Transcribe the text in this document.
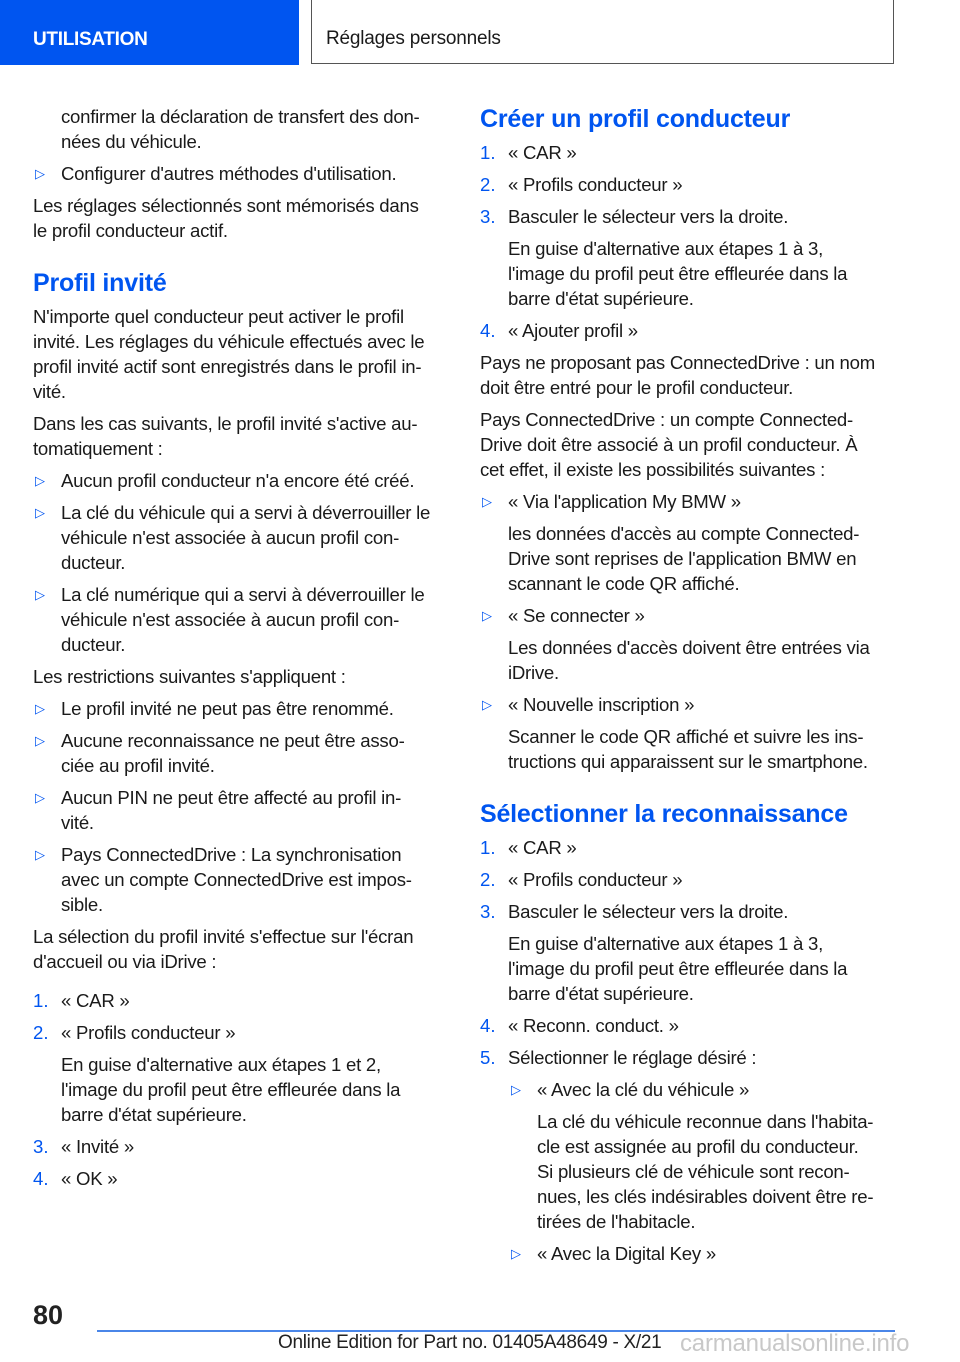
UTILISATION	Réglages personnels
confirmer la déclaration de transfert des don-
nées du véhicule.
▷ Configurer d'autres méthodes d'utilisation.
Les réglages sélectionnés sont mémorisés dans
le profil conducteur actif.
Profil invité
N'importe quel conducteur peut activer le profil
invité. Les réglages du véhicule effectués avec le
profil invité actif sont enregistrés dans le profil in-
vité.
Dans les cas suivants, le profil invité s'active au-
tomatiquement :
▷ Aucun profil conducteur n'a encore été créé.
▷ La clé du véhicule qui a servi à déverrouiller le
véhicule n'est associée à aucun profil con-
ducteur.
▷ La clé numérique qui a servi à déverrouiller le
véhicule n'est associée à aucun profil con-
ducteur.
Les restrictions suivantes s'appliquent :
▷ Le profil invité ne peut pas être renommé.
▷ Aucune reconnaissance ne peut être asso-
ciée au profil invité.
▷ Aucun PIN ne peut être affecté au profil in-
vité.
▷ Pays ConnectedDrive : La synchronisation
avec un compte ConnectedDrive est impos-
sible.
La sélection du profil invité s'effectue sur l'écran
d'accueil ou via iDrive :
1. « CAR »
2. « Profils conducteur »
En guise d'alternative aux étapes 1 et 2,
l'image du profil peut être effleurée dans la
barre d'état supérieure.
3. « Invité »
4. « OK »
Créer un profil conducteur
1. « CAR »
2. « Profils conducteur »
3. Basculer le sélecteur vers la droite.
En guise d'alternative aux étapes 1 à 3,
l'image du profil peut être effleurée dans la
barre d'état supérieure.
4. « Ajouter profil »
Pays ne proposant pas ConnectedDrive : un nom
doit être entré pour le profil conducteur.
Pays ConnectedDrive : un compte Connected-
Drive doit être associé à un profil conducteur. À
cet effet, il existe les possibilités suivantes :
▷ « Via l'application My BMW »
les données d'accès au compte Connected-
Drive sont reprises de l'application BMW en
scannant le code QR affiché.
▷ « Se connecter »
Les données d'accès doivent être entrées via
iDrive.
▷ « Nouvelle inscription »
Scanner le code QR affiché et suivre les ins-
tructions qui apparaissent sur le smartphone.
Sélectionner la reconnaissance
1. « CAR »
2. « Profils conducteur »
3. Basculer le sélecteur vers la droite.
En guise d'alternative aux étapes 1 à 3,
l'image du profil peut être effleurée dans la
barre d'état supérieure.
4. « Reconn. conduct. »
5. Sélectionner le réglage désiré :
▷ « Avec la clé du véhicule »
La clé du véhicule reconnue dans l'habita-
cle est assignée au profil du conducteur.
Si plusieurs clé de véhicule sont recon-
nues, les clés indésirables doivent être re-
tirées de l'habitacle.
▷ « Avec la Digital Key »
80
Online Edition for Part no. 01405A48649 - X/21 carmanualsonline.info
